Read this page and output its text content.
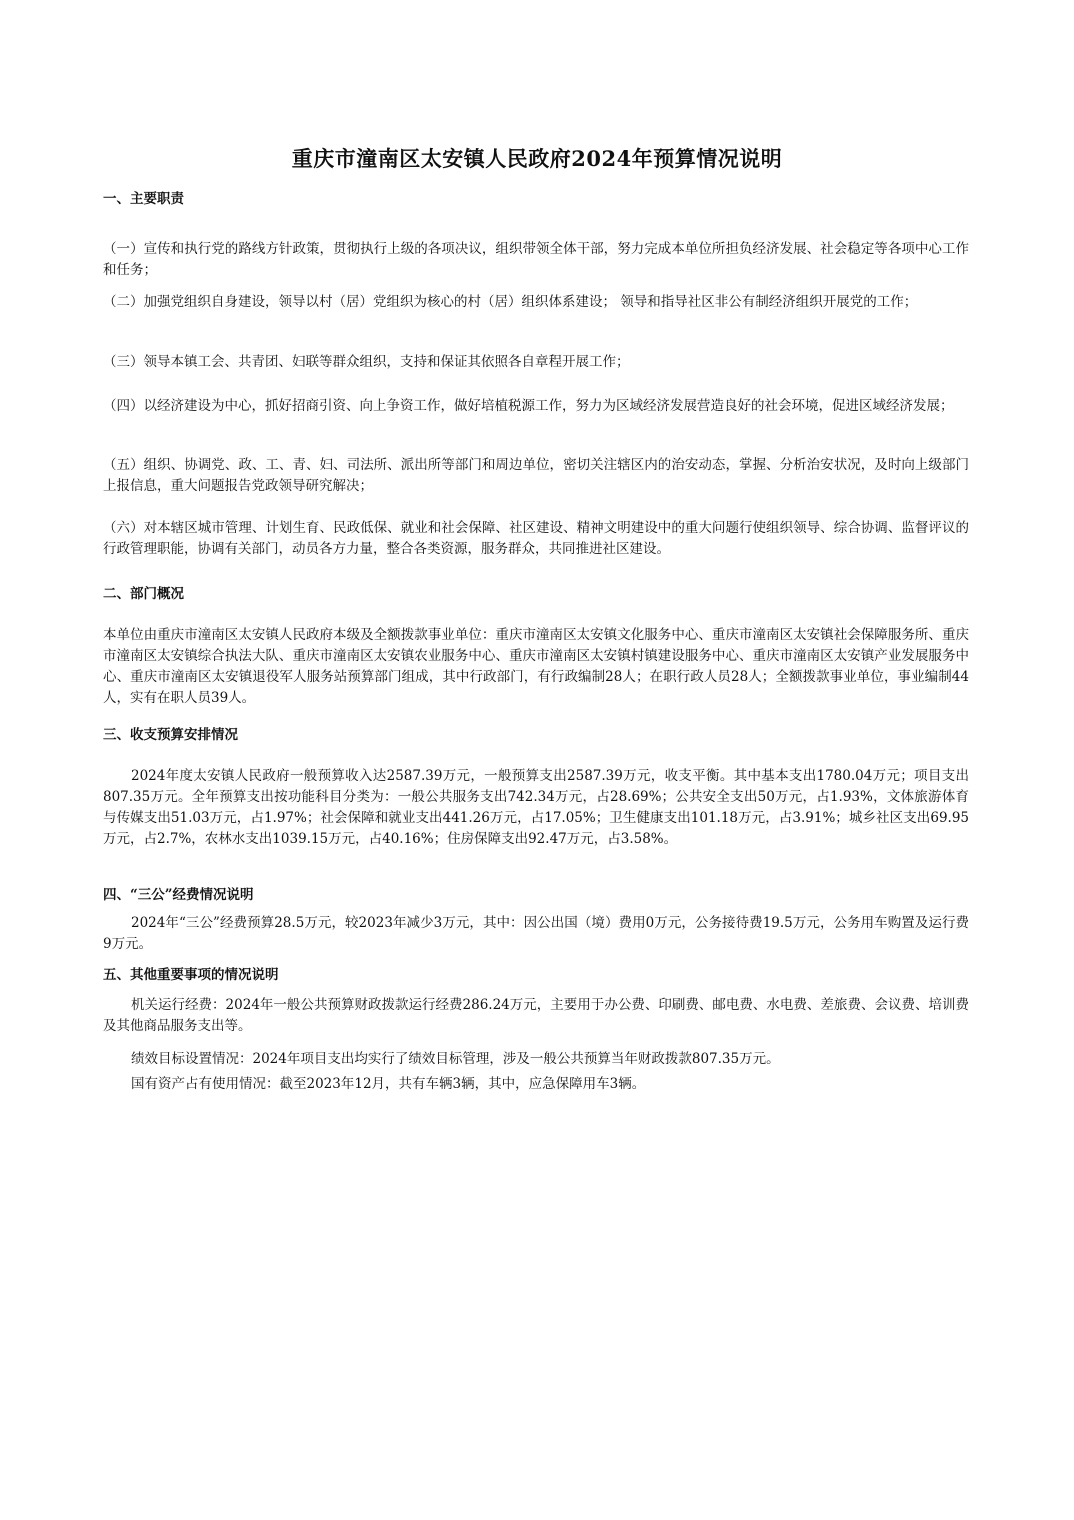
重庆市潼南区太安镇人民政府2024年预算情况说明
一、主要职责

（一）宣传和执行党的路线方针政策，贯彻执行上级的各项决议，组织带领全体干部，努力完成本单位所担负经济发展、社会稳定等各项中心工作和任务；

（二）加强党组织自身建设，领导以村（居）党组织为核心的村（居）组织体系建设； 领导和指导社区非公有制经济组织开展党的工作；

（三）领导本镇工会、共青团、妇联等群众组织，支持和保证其依照各自章程开展工作；

（四）以经济建设为中心，抓好招商引资、向上争资工作，做好培植税源工作，努力为区域经济发展营造良好的社会环境，促进区域经济发展；

（五）组织、协调党、政、工、青、妇、司法所、派出所等部门和周边单位，密切关注辖区内的治安动态，掌握、分析治安状况，及时向上级部门上报信息，重大问题报告党政领导研究解决；

（六）对本辖区城市管理、计划生育、民政低保、就业和社会保障、社区建设、精神文明建设中的重大问题行使组织领导、综合协调、监督评议的行政管理职能，协调有关部门，动员各方力量，整合各类资源，服务群众，共同推进社区建设。

二、部门概况

本单位由重庆市潼南区太安镇人民政府本级及全额拨款事业单位：重庆市潼南区太安镇文化服务中心、重庆市潼南区太安镇社会保障服务所、重庆市潼南区太安镇综合执法大队、重庆市潼南区太安镇农业服务中心、重庆市潼南区太安镇村镇建设服务中心、重庆市潼南区太安镇产业发展服务中心、重庆市潼南区太安镇退役军人服务站预算部门组成，其中行政部门，有行政编制28人；在职行政人员28人；全额拨款事业单位，事业编制44人，实有在职人员39人。

三、收支预算安排情况

2024年度太安镇人民政府一般预算收入达2587.39万元，一般预算支出2587.39万元，收支平衡。其中基本支出1780.04万元；项目支出807.35万元。全年预算支出按功能科目分类为：一般公共服务支出742.34万元，占28.69%；公共安全支出50万元，占1.93%，文体旅游体育与传媒支出51.03万元，占1.97%；社会保障和就业支出441.26万元，占17.05%；卫生健康支出101.18万元，占3.91%；城乡社区支出69.95万元，占2.7%，农林水支出1039.15万元，占40.16%；住房保障支出92.47万元，占3.58%。

四、“三公”经费情况说明

2024年“三公”经费预算28.5万元，较2023年减少3万元，其中：因公出国（境）费用0万元，公务接待费19.5万元，公务用车购置及运行费9万元。

五、其他重要事项的情况说明

机关运行经费：2024年一般公共预算财政拨款运行经费286.24万元，主要用于办公费、印刷费、邮电费、水电费、差旅费、会议费、培训费及其他商品服务支出等。

绩效目标设置情况：2024年项目支出均实行了绩效目标管理，涉及一般公共预算当年财政拨款807.35万元。

国有资产占有使用情况：截至2023年12月，共有车辆3辆，其中，应急保障用车3辆。
